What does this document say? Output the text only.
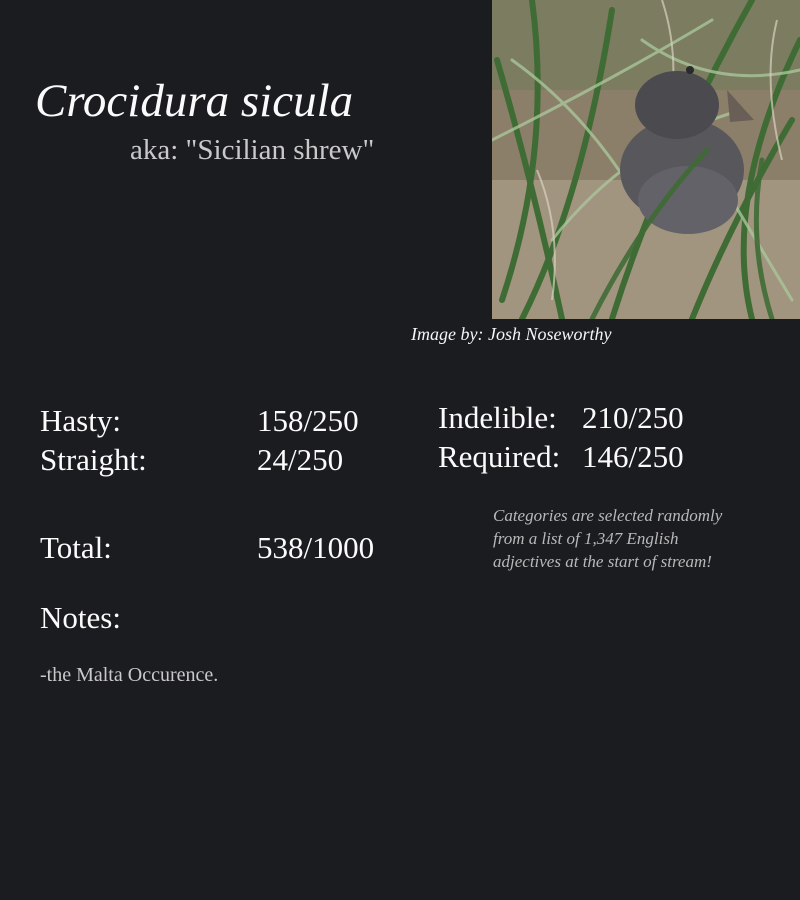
Crocidura sicula
aka: "Sicilian shrew"
Image by: Josh Noseworthy
Hasty:	158/250
Straight:	24/250
Indelible: 210/250
Required: 146/250
Total:	538/1000
Categories are selected randomly from a list of 1,347 English adjectives at the start of stream!
Notes:
-the Malta Occurence.
